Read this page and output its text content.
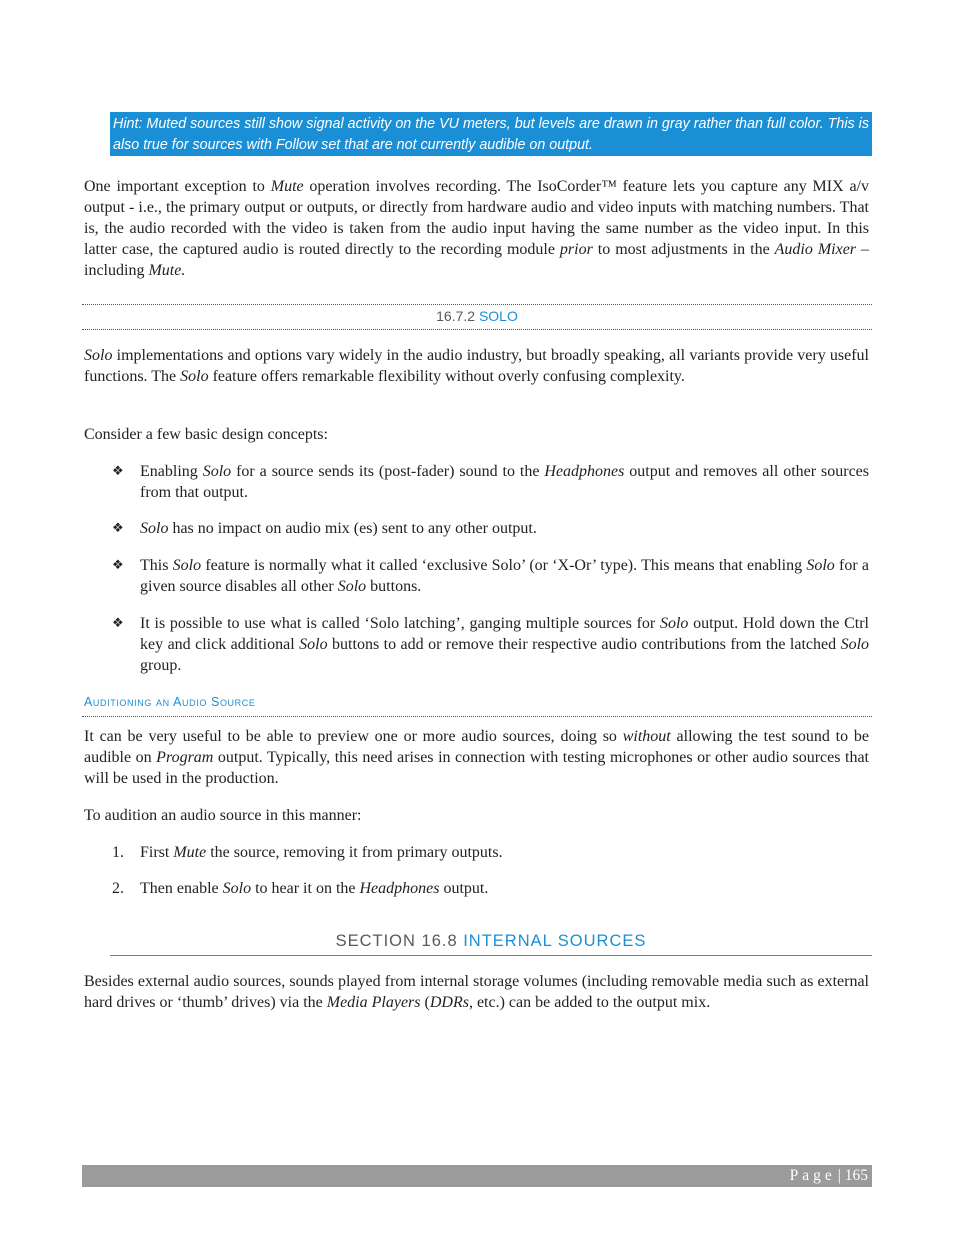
Hint: Muted sources still show signal activity on the VU meters, but levels are drawn in gray rather than full color. This is also true for sources with Follow set that are not currently audible on output.
One important exception to Mute operation involves recording. The IsoCorder™ feature lets you capture any MIX a/v output - i.e., the primary output or outputs, or directly from hardware audio and video inputs with matching numbers. That is, the audio recorded with the video is taken from the audio input having the same number as the video input. In this latter case, the captured audio is routed directly to the recording module prior to most adjustments in the Audio Mixer – including Mute.
16.7.2 SOLO
Solo implementations and options vary widely in the audio industry, but broadly speaking, all variants provide very useful functions. The Solo feature offers remarkable flexibility without overly confusing complexity.
Consider a few basic design concepts:
❖
Enabling Solo for a source sends its (post-fader) sound to the Headphones output and removes all other sources from that output.
❖
Solo has no impact on audio mix (es) sent to any other output.
❖
This Solo feature is normally what it called ‘exclusive Solo’ (or ‘X-Or’ type). This means that enabling Solo for a given source disables all other Solo buttons.
❖
It is possible to use what is called ‘Solo latching’, ganging multiple sources for Solo output. Hold down the Ctrl key and click additional Solo buttons to add or remove their respective audio contributions from the latched Solo group.
Auditioning an Audio Source
It can be very useful to be able to preview one or more audio sources, doing so without allowing the test sound to be audible on Program output. Typically, this need arises in connection with testing microphones or other audio sources that will be used in the production.
To audition an audio source in this manner:
1. First Mute the source, removing it from primary outputs.
2. Then enable Solo to hear it on the Headphones output.
SECTION 16.8 INTERNAL SOURCES
Besides external audio sources, sounds played from internal storage volumes (including removable media such as external hard drives or ‘thumb’ drives) via the Media Players (DDRs, etc.) can be added to the output mix.
Page | 165
